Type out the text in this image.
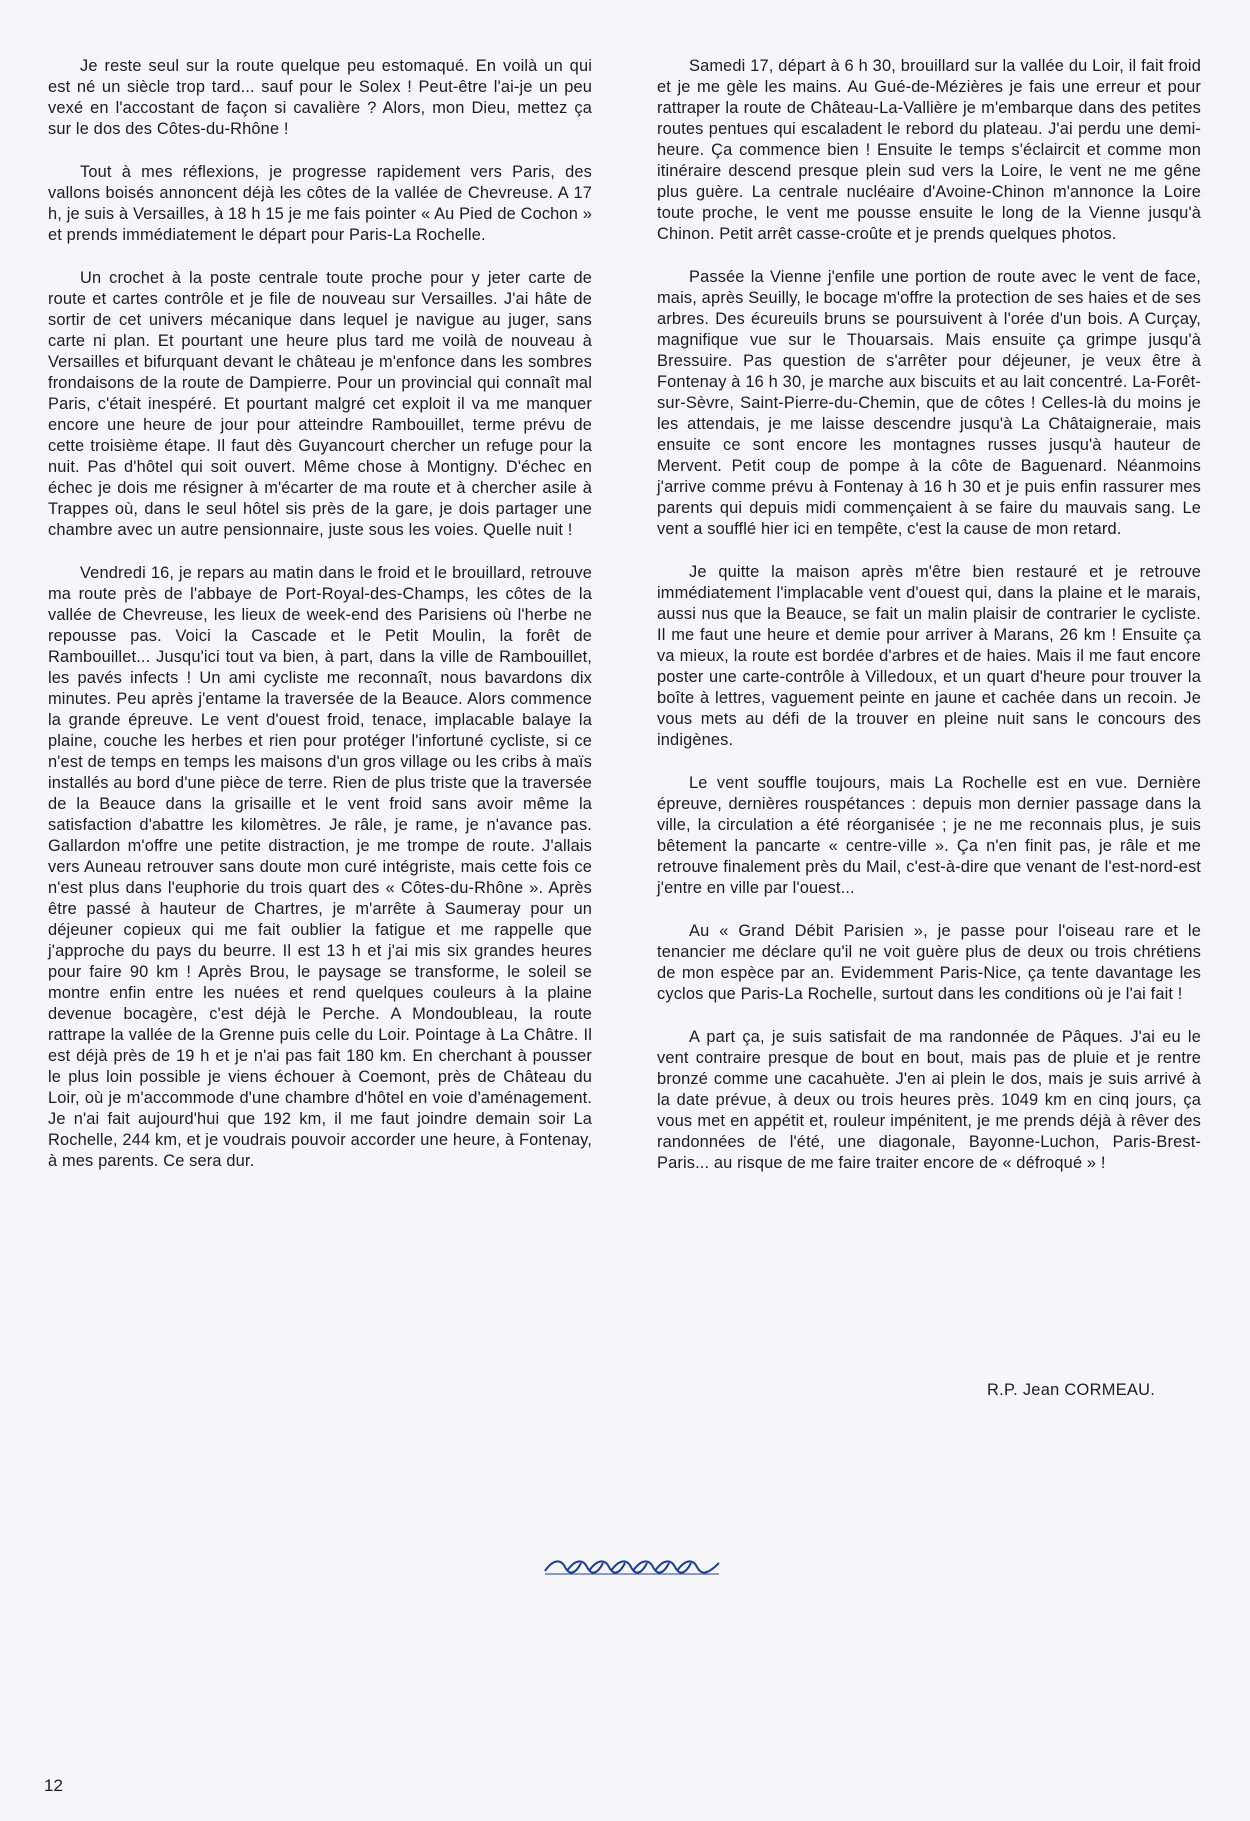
Je reste seul sur la route quelque peu estomaqué. En voilà un qui est né un siècle trop tard... sauf pour le Solex ! Peut-être l'ai-je un peu vexé en l'accostant de façon si cavalière ? Alors, mon Dieu, mettez ça sur le dos des Côtes-du-Rhône !

Tout à mes réflexions, je progresse rapidement vers Paris, des vallons boisés annoncent déjà les côtes de la vallée de Chevreuse. A 17 h, je suis à Versailles, à 18 h 15 je me fais pointer « Au Pied de Cochon » et prends immédiatement le départ pour Paris-La Rochelle.

Un crochet à la poste centrale toute proche pour y jeter carte de route et cartes contrôle et je file de nouveau sur Versailles. J'ai hâte de sortir de cet univers mécanique dans lequel je navigue au juger, sans carte ni plan. Et pourtant une heure plus tard me voilà de nouveau à Versailles et bifurquant devant le château je m'enfonce dans les sombres frondaisons de la route de Dampierre. Pour un provincial qui connaît mal Paris, c'était inespéré. Et pourtant malgré cet exploit il va me manquer encore une heure de jour pour atteindre Rambouillet, terme prévu de cette troisième étape. Il faut dès Guyancourt chercher un refuge pour la nuit. Pas d'hôtel qui soit ouvert. Même chose à Montigny. D'échec en échec je dois me résigner à m'écarter de ma route et à chercher asile à Trappes où, dans le seul hôtel sis près de la gare, je dois partager une chambre avec un autre pensionnaire, juste sous les voies. Quelle nuit !

Vendredi 16, je repars au matin dans le froid et le brouillard, retrouve ma route près de l'abbaye de Port-Royal-des-Champs, les côtes de la vallée de Chevreuse, les lieux de week-end des Parisiens où l'herbe ne repousse pas. Voici la Cascade et le Petit Moulin, la forêt de Rambouillet... Jusqu'ici tout va bien, à part, dans la ville de Rambouillet, les pavés infects ! Un ami cycliste me reconnaît, nous bavardons dix minutes. Peu après j'entame la traversée de la Beauce. Alors commence la grande épreuve. Le vent d'ouest froid, tenace, implacable balaye la plaine, couche les herbes et rien pour protéger l'infortuné cycliste, si ce n'est de temps en temps les maisons d'un gros village ou les cribs à maïs installés au bord d'une pièce de terre. Rien de plus triste que la traversée de la Beauce dans la grisaille et le vent froid sans avoir même la satisfaction d'abattre les kilomètres. Je râle, je rame, je n'avance pas. Gallardon m'offre une petite distraction, je me trompe de route. J'allais vers Auneau retrouver sans doute mon curé intégriste, mais cette fois ce n'est plus dans l'euphorie du trois quart des « Côtes-du-Rhône ». Après être passé à hauteur de Chartres, je m'arrête à Saumeray pour un déjeuner copieux qui me fait oublier la fatigue et me rappelle que j'approche du pays du beurre. Il est 13 h et j'ai mis six grandes heures pour faire 90 km ! Après Brou, le paysage se transforme, le soleil se montre enfin entre les nuées et rend quelques couleurs à la plaine devenue bocagère, c'est déjà le Perche. A Mondoubleau, la route rattrape la vallée de la Grenne puis celle du Loir. Pointage à La Châtre. Il est déjà près de 19 h et je n'ai pas fait 180 km. En cherchant à pousser le plus loin possible je viens échouer à Coemont, près de Château du Loir, où je m'accommode d'une chambre d'hôtel en voie d'aménagement. Je n'ai fait aujourd'hui que 192 km, il me faut joindre demain soir La Rochelle, 244 km, et je voudrais pouvoir accorder une heure, à Fontenay, à mes parents. Ce sera dur.

Samedi 17, départ à 6 h 30, brouillard sur la vallée du Loir, il fait froid et je me gèle les mains. Au Gué-de-Mézières je fais une erreur et pour rattraper la route de Château-La-Vallière je m'embarque dans des petites routes pentues qui escaladent le rebord du plateau. J'ai perdu une demi-heure. Ça commence bien ! Ensuite le temps s'éclaircit et comme mon itinéraire descend presque plein sud vers la Loire, le vent ne me gêne plus guère. La centrale nucléaire d'Avoine-Chinon m'annonce la Loire toute proche, le vent me pousse ensuite le long de la Vienne jusqu'à Chinon. Petit arrêt casse-croûte et je prends quelques photos.

Passée la Vienne j'enfile une portion de route avec le vent de face, mais, après Seuilly, le bocage m'offre la protection de ses haies et de ses arbres. Des écureuils bruns se poursuivent à l'orée d'un bois. A Curçay, magnifique vue sur le Thouarsais. Mais ensuite ça grimpe jusqu'à Bressuire. Pas question de s'arrêter pour déjeuner, je veux être à Fontenay à 16 h 30, je marche aux biscuits et au lait concentré. La-Forêt-sur-Sèvre, Saint-Pierre-du-Chemin, que de côtes ! Celles-là du moins je les attendais, je me laisse descendre jusqu'à La Châtaigneraie, mais ensuite ce sont encore les montagnes russes jusqu'à hauteur de Mervent. Petit coup de pompe à la côte de Baguenard. Néanmoins j'arrive comme prévu à Fontenay à 16 h 30 et je puis enfin rassurer mes parents qui depuis midi commençaient à se faire du mauvais sang. Le vent a soufflé hier ici en tempête, c'est la cause de mon retard.

Je quitte la maison après m'être bien restauré et je retrouve immédiatement l'implacable vent d'ouest qui, dans la plaine et le marais, aussi nus que la Beauce, se fait un malin plaisir de contrarier le cycliste. Il me faut une heure et demie pour arriver à Marans, 26 km ! Ensuite ça va mieux, la route est bordée d'arbres et de haies. Mais il me faut encore poster une carte-contrôle à Villedoux, et un quart d'heure pour trouver la boîte à lettres, vaguement peinte en jaune et cachée dans un recoin. Je vous mets au défi de la trouver en pleine nuit sans le concours des indigènes.

Le vent souffle toujours, mais La Rochelle est en vue. Dernière épreuve, dernières rouspétances : depuis mon dernier passage dans la ville, la circulation a été réorganisée ; je ne me reconnais plus, je suis bêtement la pancarte « centre-ville ». Ça n'en finit pas, je râle et me retrouve finalement près du Mail, c'est-à-dire que venant de l'est-nord-est j'entre en ville par l'ouest...

Au « Grand Débit Parisien », je passe pour l'oiseau rare et le tenancier me déclare qu'il ne voit guère plus de deux ou trois chrétiens de mon espèce par an. Evidemment Paris-Nice, ça tente davantage les cyclos que Paris-La Rochelle, surtout dans les conditions où je l'ai fait !

A part ça, je suis satisfait de ma randonnée de Pâques. J'ai eu le vent contraire presque de bout en bout, mais pas de pluie et je rentre bronzé comme une cacahuète. J'en ai plein le dos, mais je suis arrivé à la date prévue, à deux ou trois heures près. 1049 km en cinq jours, ça vous met en appétit et, rouleur impénitent, je me prends déjà à rêver des randonnées de l'été, une diagonale, Bayonne-Luchon, Paris-Brest-Paris... au risque de me faire traiter encore de « défroqué » !

R.P. Jean CORMEAU.
12
